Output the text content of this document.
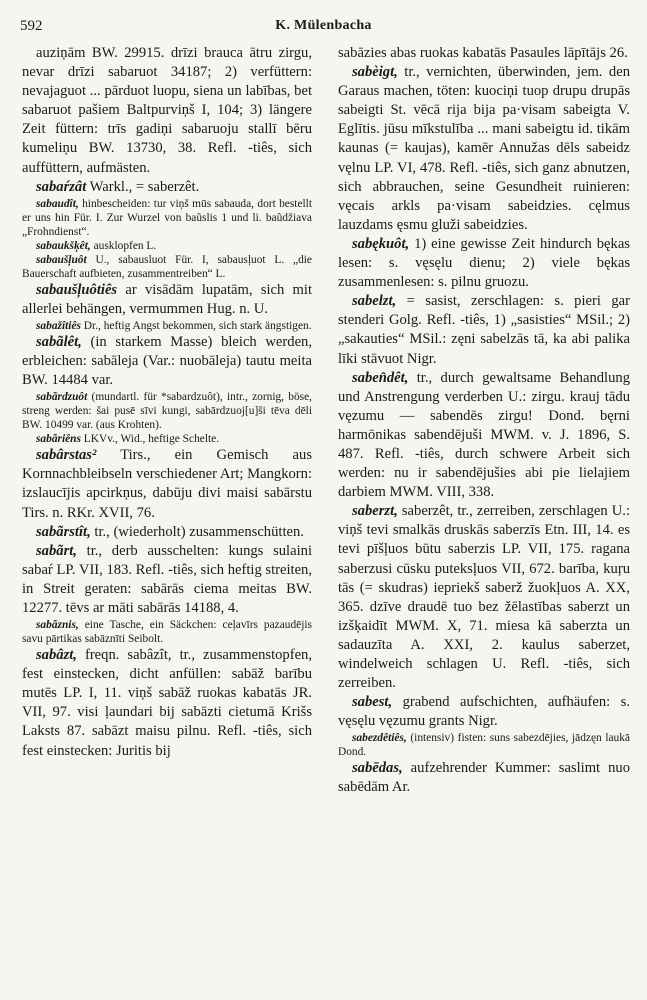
592	K. Mülenbacha

auziņām BW. 29915. drīzi brauca ātru zirgu, nevar drīzi sabaruot 34187; 2) verfüttern: nevajaguot ... pārduot luopu, siena un labības, bet sabaruot pašiem Baltpurviņš I, 104; 3) längere Zeit füttern: trīs gadiņi sabaruoju stallī bēru kumeliņu BW. 13730, 38. Refl. -tiês, sich auffüttern, aufmästen.

sabaŕzât Warkl., = saberzêt.

sabaudît, hinbescheiden: tur viņš mūs sabauda, dort bestellt er uns hin Für. I. Zur Wurzel von baũslis 1 und li. baũdžiava „Frohndienst“.

sabaukšķêt, ausklopfen L.

sabaušļuôt U., sabausluot Für. I, sabausļuot L. „die Bauerschaft aufbieten, zusammentreiben“ L.

sabaušļuôtiês ar visādām lupatām, sich mit allerlei behängen, vermummen Hug. n. U.

sabažîtiês Dr., heftig Angst bekommen, sich stark ängstigen.

sabãlêt, (in starkem Masse) bleich werden, erbleichen: sabāleja (Var.: nuobāleja) tautu meita BW. 14484 var.

sabãrdzuôt (mundartl. für *sabardzuôt), intr., zornig, böse, streng werden: šai pusē sīvi kungi, sabārdzuoj[u]ši tēva dēli BW. 10499 var. (aus Krohten).

sabãriêns LKVv., Wid., heftige Schelte.

sabârstas² Tirs., ein Gemisch aus Kornnachbleibseln verschiedener Art; Mangkorn: izslaucījis apcirkņus, dabūju divi maisi sabārstu Tirs. n. RKr. XVII, 76.

sabãrstît, tr., (wiederholt) zusammenschütten.

sabãrt, tr., derb ausschelten: kungs sulaini sabaŕ LP. VII, 183. Refl. -tiês, sich heftig streiten, in Streit geraten: sabārās ciema meitas BW. 12277. tēvs ar māti sabārās 14188, 4.

sabãznis, eine Tasche, ein Säckchen: ceļavīrs pazaudējis savu pārtikas sabāznīti Seibolt.

sabâzt, freqn. sabâzît, tr., zusammenstopfen, fest einstecken, dicht anfüllen: sabāž barību mutēs LP. I, 11. viņš sabāž ruokas kabatās JR. VII, 97. visi ļaundari bij sabāzti cietumā Krišs Laksts 87. sabāzt maisu pilnu. Refl. -tiês, sich fest einstecken: Juritis bij

sabāzies abas ruokas kabatās Pasaules lāpītājs 26.

sabèigt, tr., vernichten, überwinden, jem. den Garaus machen, töten: kuociņi tuop drupu drupās sabeigti St. vēcā rija bija pa·visam sabeigta V. Eglītis. jūsu mīkstulība ... mani sabeigtu id. tikām kaunas (= kaujas), kamēr Annužas dēls sabeidz vęlnu LP. VI, 478. Refl. -tiês, sich ganz abnutzen, sich abbrauchen, seine Gesundheit ruinieren: vęcais arkls pa·visam sabeidzies. cęlmus lauzdams ęsmu gluži sabeidzies.

sabękuôt, 1) eine gewisse Zeit hindurch bękas lesen: s. vęsęlu dienu; 2) viele bękas zusammenlesen: s. pilnu gruozu.

sabelzt, = sasist, zerschlagen: s. pieri gar stenderi Golg. Refl. -tiês, 1) „sasisties“ MSil.; 2) „sakauties“ MSil.: zęni sabelzās tā, ka abi palika līki stāvuot Nigr.

saben̂dêt, tr., durch gewaltsame Behandlung und Anstrengung verderben U.: zirgu. krauj tādu vęzumu — sabendēs zirgu! Dond. bęrni harmōnikas sabendējuši MWM. v. J. 1896, S. 487. Refl. -tiês, durch schwere Arbeit sich werden: nu ir sabendējušies abi pie lielajiem darbiem MWM. VIII, 338.

saberzt, saberzêt, tr., zerreiben, zerschlagen U.: viņš tevi smalkās druskās saberzīs Etn. III, 14. es tevi pīšļuos būtu saberzis LP. VII, 175. ragana saberzusi cūsku puteksļuos VII, 672. barība, kuŗu tās (= skudras) iepriekš saberž žuokļuos A. XX, 365. dzīve draudē tuo bez žēlastības saberzt un izšķaidīt MWM. X, 71. miesa kā saberzta un sadauzīta A. XXI, 2. kaulus saberzet, windelweich schlagen U. Refl. -tiês, sich zerreiben.

sabest, grabend aufschichten, aufhäufen: s. vęsęlu vęzumu grants Nigr.

sabezdêtiês, (intensiv) fisten: suns sabezdējies, jādzęn laukā Dond.

sabēdas, aufzehrender Kummer: saslimt nuo sabēdām Ar.
